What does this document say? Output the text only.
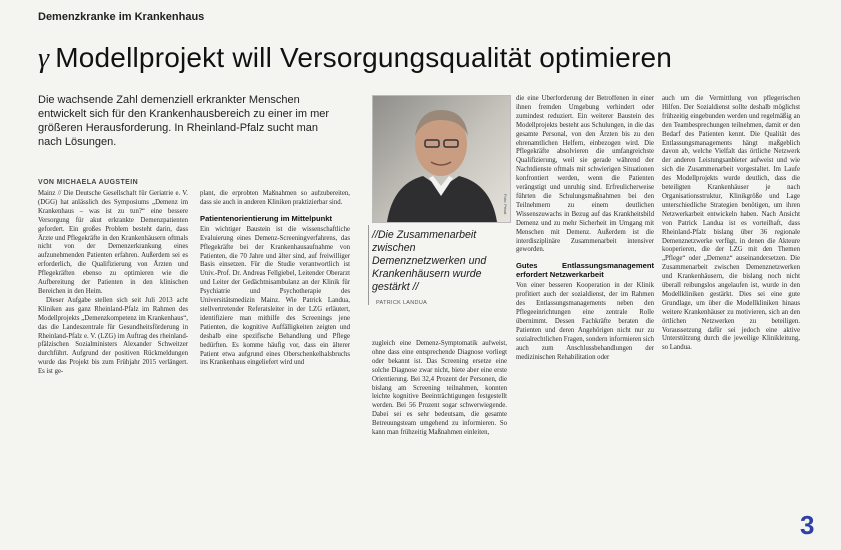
Demenzkranke im Krankenhaus
γ Modellprojekt will Versorgungsqualität optimieren
Die wachsende Zahl demenziell erkrankter Menschen entwickelt sich für den Krankenhausbereich zu einer im mer größeren Herausforderung. In Rheinland-Pfalz sucht man nach Lösungen.
VON MICHAELA AUGSTEIN

Mainz // Die Deutsche Gesellschaft für Geriatrie e. V. (DGG) hat anlässlich des Symposiums „Demenz im Krankenhaus – was ist zu tun?“ eine bessere Versorgung für akut erkrankte Demenzpatienten gefordert. Ein großes Problem besteht darin, dass Ärzte und Pflegekräfte in den Krankenhäusern oftmals nicht von der Demenzerkrankung eines aufzunehmenden Patienten erfahren. Außerdem sei es erforderlich, die Qualifizierung von Ärzten und Pflegekräften ebenso zu optimieren wie die Aufbereitung der Patienten in den klinischen Bereichen in den Heim.

Dieser Aufgabe stellen sich seit Juli 2013 acht Kliniken aus ganz Rheinland-Pfalz im Rahmen des Modellprojekts „Demenzkompetenz im Krankenhaus“, das die Landeszentrale für Gesundheitsförderung in Rheinland-Pfalz e. V. (LZG) im Auftrag des rheinland-pfälzischen Sozialministers Alexander Schweitzer durchführt. Aufgrund der positiven Rückmeldungen wurde das Projekt bis zum Frühjahr 2015 verlängert. Es ist ge-

plant, die erprobten Maßnahmen so aufzubereiten, dass sie auch in anderen Kliniken praktizierbar sind.

Patientenorientierung im Mittelpunkt

Ein wichtiger Baustein ist die wissenschaftliche Evaluierung eines Demenz-Screeningverfahrens, das Pflegekräfte bei der Krankenhausaufnahme von Patienten, die 70 Jahre und älter sind, auf freiwilliger Basis einsetzen. Für die Studie verantwortlich ist Univ.-Prof. Dr. Andreas Fellgiebel, Leitender Oberarzt und Leiter der Gedächtnisambulanz an der Klinik für Psychiatrie und Psychotherapie des Universitätsmedizin Mainz. Wie Patrick Landua, stellvertretender Referatsleiter in der LZG erläutert, identifiziere man mithilfe des Screenings jene Patienten, die kognitive Auffälligkeiten zeigten und deshalb eine spezifische Behandlung und Pflege bedürften. Es komme häufig vor, dass ein älterer Patient etwa aufgrund eines Oberschenkelhalsbruchs ins Krankenhaus eingeliefert wird und

Foto: Privat
//Die Zusammenarbeit zwischen Demenznetzwerken und Krankenhäusern wurde gestärkt //
PATRICK LANDUA

zugleich eine Demenz-Symptomatik aufweist, ohne dass eine entsprechende Diagnose vorliegt oder bekannt ist. Das Screening ersetze eine solche Diagnose zwar nicht, biete aber eine erste Orientierung. Bei 32,4 Prozent der Personen, die bislang am Screening teilnahmen, konnten leichte kognitive Beeinträchtigungen festgestellt werden. Bei 56 Prozent sogar schwerwiegende. Dabei sei es sehr bedeutsam, die gesamte Betreuungsteam umgehend zu informieren. So kann man frühzeitig Maßnahmen einleiten,

die eine Überforderung der Betroffenen in einer ihnen fremden Umgebung verhindert oder zumindest reduziert. Ein weiterer Baustein des Modellprojekts besteht aus Schulungen, in die das gesamte Personal, von den Ärzten bis zu den ehrenamtlichen Helfern, einbezogen wird. Die Pflegekräfte absolvieren die umfangreichste Qualifizierung, weil sie gerade während der Nachtdienste oftmals mit schwierigen Situationen konfrontiert werden, wenn die Patienten verängstigt und unruhig sind. Erfreulicherweise führten die Schulungsmaßnahmen bei den Teilnehmern zu einem deutlichen Wissenszuwachs in Bezug auf das Krankheitsbild Demenz und zu mehr Sicherheit im Umgang mit Menschen mit Demenz. Außerdem ist die interdisziplinäre Zusammenarbeit intensiver geworden.

Gutes Entlassungsmanagement erfordert Netzwerkarbeit

Von einer besseren Kooperation in der Klinik profitiert auch der sozialdienst, der im Rahmen des Entlassungsmanagements neben den Pflegeeinrichtungen eine zentrale Rolle übernimmt. Dessen Fachkräfte beraten die Patienten und deren Angehörigen nicht nur zu sozialrechtlichen Fragen, sondern informieren sich auch zum Anschlussbehandlungen der medizinischen Rehabilitation oder

auch um die Vermittlung von pflegerischen Hilfen. Der Sozialdienst sollte deshalb möglichst frühzeitig eingebunden werden und regelmäßig an den Teambesprechungen teilnehmen, damit er den Bedarf des Patienten kennt. Die Qualität des Entlassungsmanagements hängt maßgeblich davon ab, welche Vielfalt das örtliche Netzwerk der anderen Leistungsanbieter aufweist und wie sich die Zusammenarbeit vorgestaltet. Im Laufe des Modellprojekts wurde deutlich, dass die beteiligten Krankenhäuser je nach Organisationsstruktur, Klinikgröße und Lage unterschiedliche Strategien benötigen, um ihren Netzwerkarbeit entwickeln haben. Nach Ansicht von Patrick Landua ist es vorteilhaft, dass Rheinland-Pfalz bislang über 36 regionale Demenznetzwerke verfügt, in denen die Akteure kooperieren, die der LZG mit den Themen „Pflege“ oder „Demenz“ auseinandersetzen. Die Zusammenarbeit zwischen Demenznetzwerken und Krankenhäusern, die bislang noch nicht überall reibungslos angelaufen ist, wurde in den Modellkliniken gestärkt. Dies sei eine gute Grundlage, um über die Modellkliniken hinaus weitere Krankenhäuser zu motivieren, sich an den örtlichen Netzwerken zu beteiligen. Voraussetzung dafür sei jedoch eine aktive Unterstützung durch die jeweilige Klinikleitung, so Landua.

3
